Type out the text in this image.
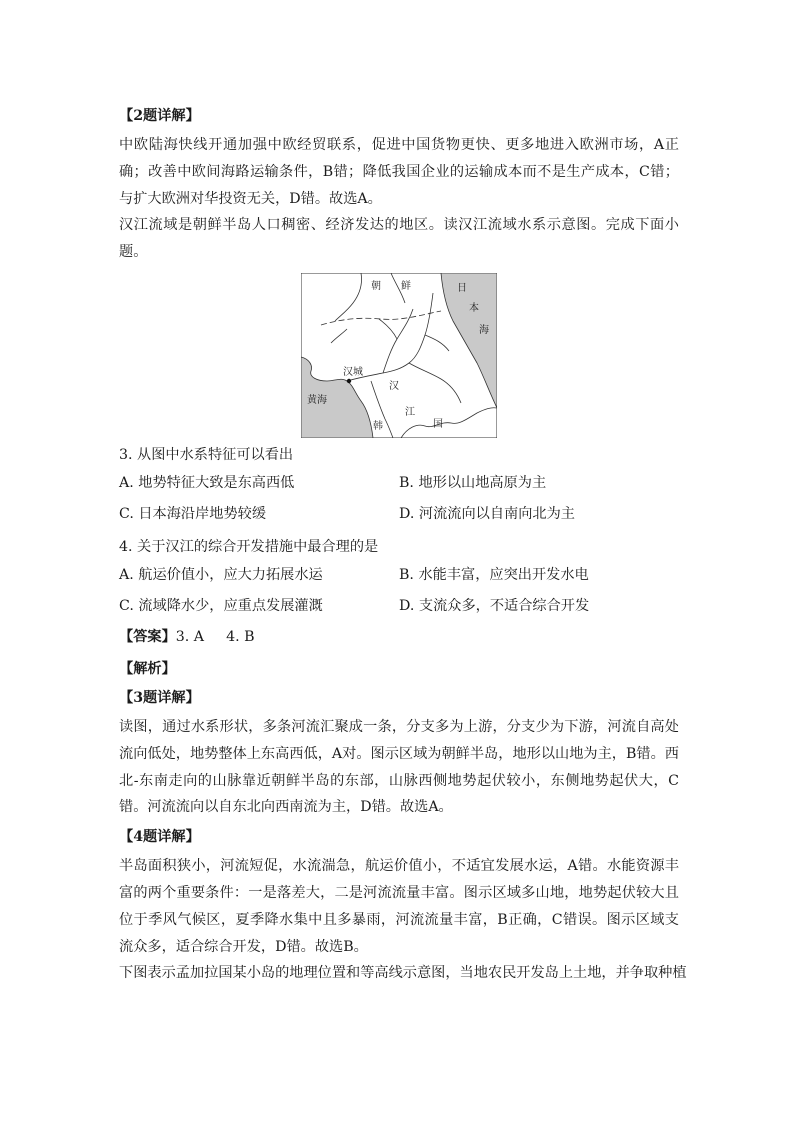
【2题详解】

中欧陆海快线开通加强中欧经贸联系，促进中国货物更快、更多地进入欧洲市场，A正确；改善中欧间海路运输条件，B错；降低我国企业的运输成本而不是生产成本，C错；与扩大欧洲对华投资无关，D错。故选A。

汉江流域是朝鲜半岛人口稠密、经济发达的地区。读汉江流域水系示意图。完成下面小题。

朝 鲜	日
本
海
汉城
汉
黄海
江
韩	国
3. 从图中水系特征可以看出
A. 地势特征大致是东高西低	B. 地形以山地高原为主
C. 日本海沿岸地势较缓	D. 河流流向以自南向北为主
4. 关于汉江的综合开发措施中最合理的是
A. 航运价值小，应大力拓展水运	B. 水能丰富，应突出开发水电
C. 流域降水少，应重点发展灌溉	D. 支流众多，不适合综合开发
【答案】3. A 4. B
【解析】
【3题详解】

读图，通过水系形状，多条河流汇聚成一条，分支多为上游，分支少为下游，河流自高处流向低处，地势整体上东高西低，A对。图示区域为朝鲜半岛，地形以山地为主，B错。西北-东南走向的山脉靠近朝鲜半岛的东部，山脉西侧地势起伏较小，东侧地势起伏大，C错。河流流向以自东北向西南流为主，D错。故选A。

【4题详解】

半岛面积狭小，河流短促，水流湍急，航运价值小，不适宜发展水运，A错。水能资源丰富的两个重要条件：一是落差大，二是河流流量丰富。图示区域多山地，地势起伏较大且位于季风气候区，夏季降水集中且多暴雨，河流流量丰富，B正确，C错误。图示区域支流众多，适合综合开发，D错。故选B。

下图表示孟加拉国某小岛的地理位置和等高线示意图，当地农民开发岛上土地，并争取种植
